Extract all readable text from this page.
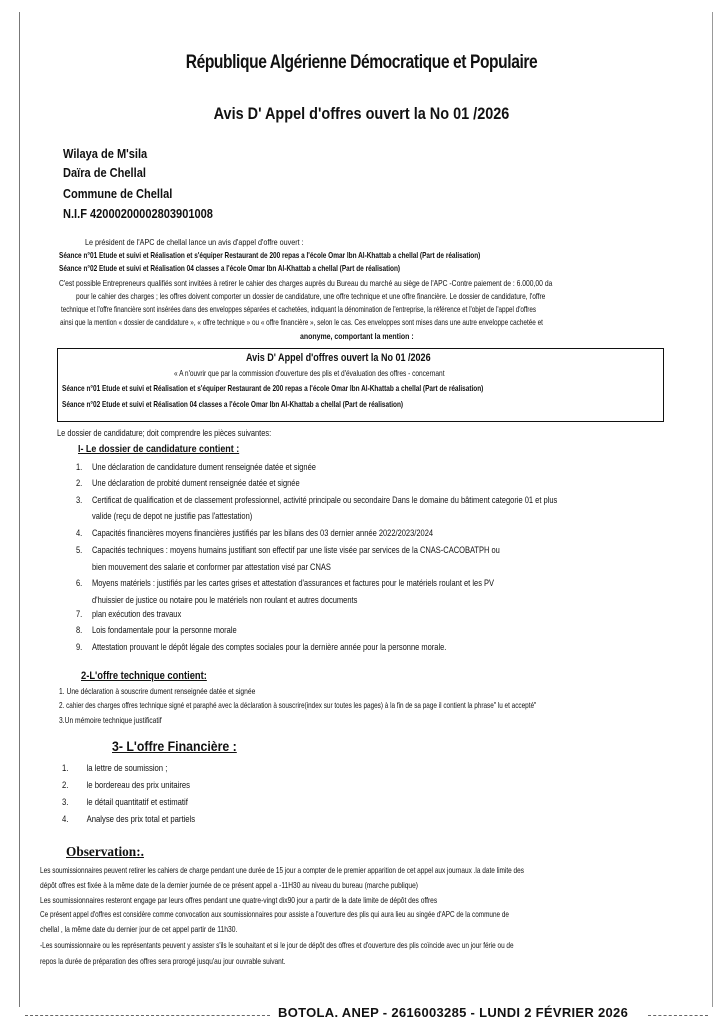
République Algérienne Démocratique et Populaire
Avis D' Appel d'offres ouvert la No 01 /2026
Wilaya de M'sila
Daïra de Chellal
Commune de Chellal
N.I.F 42000200002803901008
Le président de l'APC de chellal lance un avis d'appel d'offre ouvert :
Séance n°01 Etude et suivi et Réalisation et s'équiper Restaurant de 200 repas a l'école Omar Ibn Al-Khattab a chellal (Part de réalisation)
Séance n°02 Etude et suivi et Réalisation 04 classes a l'école Omar Ibn Al-Khattab a chellal (Part de réalisation)
C'est possible Entrepreneurs qualifiés sont invitées à retirer le cahier des charges auprès du Bureau du marché au siège de l'APC -Contre paiement de : 6.000,00 da
pour le cahier des charges ; les offres doivent comporter un dossier de candidature, une offre technique et une offre financière. Le dossier de candidature, l'offre
technique et l'offre financière sont insérées dans des enveloppes séparées et cachetées, indiquant la dénomination de l'entreprise, la référence et l'objet de l'appel d'offres
ainsi que la mention « dossier de candidature », « offre technique » ou « offre financière », selon le cas. Ces enveloppes sont mises dans une autre enveloppe cachetée et
anonyme, comportant la mention :
Avis D' Appel d'offres ouvert la No 01 /2026
« A n'ouvrir que par la commission d'ouverture des plis et d'évaluation des offres - concernant
Séance n°01 Etude et suivi et Réalisation et s'équiper Restaurant de 200 repas a l'école Omar Ibn Al-Khattab a chellal (Part de réalisation)
Séance n°02 Etude et suivi et Réalisation 04 classes a l'école Omar Ibn Al-Khattab a chellal (Part de réalisation)
Le dossier de candidature; doit comprendre les pièces suivantes:
I- Le dossier de candidature contient :
1. Une déclaration de candidature dument renseignée datée et signée
2. Une déclaration de probité dument renseignée datée et signée
3. Certificat de qualification et de classement professionnel, activité principale ou secondaire Dans le domaine du bâtiment categorie 01 et plus
valide (reçu de depot ne justifie pas l'attestation)
4. Capacités financières moyens financières justifiés par les bilans des 03 dernier année 2022/2023/2024
5. Capacités techniques : moyens humains justifiant son effectif par une liste visée par services de la CNAS-CACOBATPH ou
bien mouvement des salarie et conformer par attestation visé par CNAS
6. Moyens matériels : justifiés par les cartes grises et attestation d'assurances et factures pour le matériels roulant et les PV
d'huissier de justice ou notaire pou le matériels non roulant et autres documents
7. plan exécution des travaux
8. Lois fondamentale pour la personne morale
9. Attestation prouvant le dépôt légale des comptes sociales pour la dernière année pour la personne morale.
2-L'offre technique contient:
1. Une déclaration à souscrire dument renseignée datée et signée
2. cahier des charges offres technique signé et paraphé avec la déclaration à souscrire(index sur toutes les pages) à la fin de sa page il contient la phrase" lu et accepté"
3.Un mémoire technique justificatif
3- L'offre Financière :
1. la lettre de soumission ;
2. le bordereau des prix unitaires
3. le détail quantitatif et estimatif
4. Analyse des prix total et partiels
Observation:.
Les soumissionnaires peuvent retirer les cahiers de charge pendant une durée de 15 jour a compter de le premier apparition de cet appel aux journaux .la date limite des
dépôt offres est fixée à la même date de la dernier journée de ce présent appel a -11H30 au niveau du bureau (marche publique)
Les soumissionnaires resteront engage par leurs offres pendant une quatre-vingt dix90 jour a partir de la date limite de dépôt des offres
Ce présent appel d'offres est considère comme convocation aux soumissionnaires pour assiste a l'ouverture des plis qui aura lieu au singée d'APC de la commune de
chellal , la même date du dernier jour de cet appel partir de 11h30.
-Les soumissionnaire ou les représentants peuvent y assister s'ils le souhaitant et si le jour de dépôt des offres et d'ouverture des plis coïncide avec un jour férie ou de
repos la durée de préparation des offres sera prorogé jusqu'au jour ouvrable suivant.
BOTOLA. ANEP - 2616003285 - LUNDI 2 FÉVRIER 2026
